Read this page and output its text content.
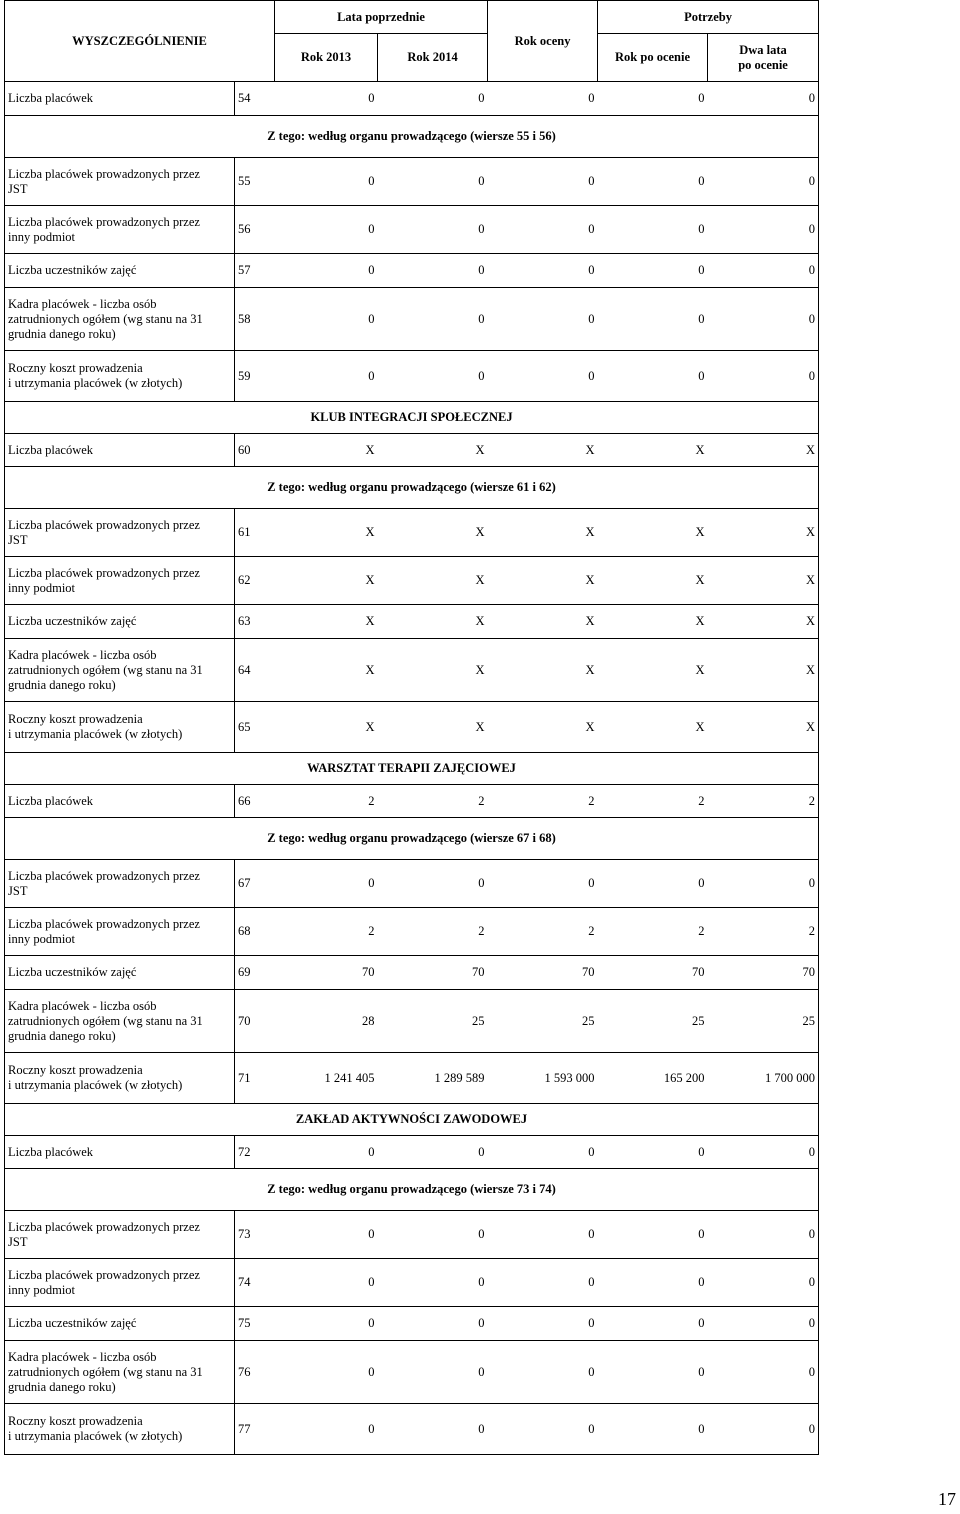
WYSZCZEGÓLNIENIE		Lata poprzednie		Rok oceny	Potrzeby	
		Rok 2013	Rok 2014		Rok po ocenie	Dwa lata
po ocenie
Liczba placówek	54	0	0	0	0	0
Z tego: według organu prowadzącego (wiersze 55 i 56)						
Liczba placówek prowadzonych przez
JST	55	0	0	0	0	0
Liczba placówek prowadzonych przez
inny podmiot	56	0	0	0	0	0
Liczba uczestników zajęć	57	0	0	0	0	0
Kadra placówek - liczba osób
zatrudnionych ogółem (wg stanu na 31
grudnia danego roku)	58	0	0	0	0	0
Roczny koszt prowadzenia
i utrzymania placówek (w złotych)	59	0	0	0	0	0
KLUB INTEGRACJI SPOŁECZNEJ						
Liczba placówek	60	X	X	X	X	X
Z tego: według organu prowadzącego (wiersze 61 i 62)						
Liczba placówek prowadzonych przez
JST	61	X	X	X	X	X
Liczba placówek prowadzonych przez
inny podmiot	62	X	X	X	X	X
Liczba uczestników zajęć	63	X	X	X	X	X
Kadra placówek - liczba osób
zatrudnionych ogółem (wg stanu na 31
grudnia danego roku)	64	X	X	X	X	X
Roczny koszt prowadzenia
i utrzymania placówek (w złotych)	65	X	X	X	X	X
WARSZTAT TERAPII ZAJĘCIOWEJ						
Liczba placówek	66	2	2	2	2	2
Z tego: według organu prowadzącego (wiersze 67 i 68)						
Liczba placówek prowadzonych przez
JST	67	0	0	0	0	0
Liczba placówek prowadzonych przez
inny podmiot	68	2	2	2	2	2
Liczba uczestników zajęć	69	70	70	70	70	70
Kadra placówek - liczba osób
zatrudnionych ogółem (wg stanu na 31
grudnia danego roku)	70	28	25	25	25	25
Roczny koszt prowadzenia
i utrzymania placówek (w złotych)	71	1 241 405	1 289 589	1 593 000	165 200	1 700 000
ZAKŁAD AKTYWNOŚCI ZAWODOWEJ						
Liczba placówek	72	0	0	0	0	0
Z tego: według organu prowadzącego (wiersze 73 i 74)						
Liczba placówek prowadzonych przez
JST	73	0	0	0	0	0
Liczba placówek prowadzonych przez
inny podmiot	74	0	0	0	0	0
Liczba uczestników zajęć	75	0	0	0	0	0
Kadra placówek - liczba osób
zatrudnionych ogółem (wg stanu na 31
grudnia danego roku)	76	0	0	0	0	0
Roczny koszt prowadzenia
i utrzymania placówek (w złotych)	77	0	0	0	0	0
17
